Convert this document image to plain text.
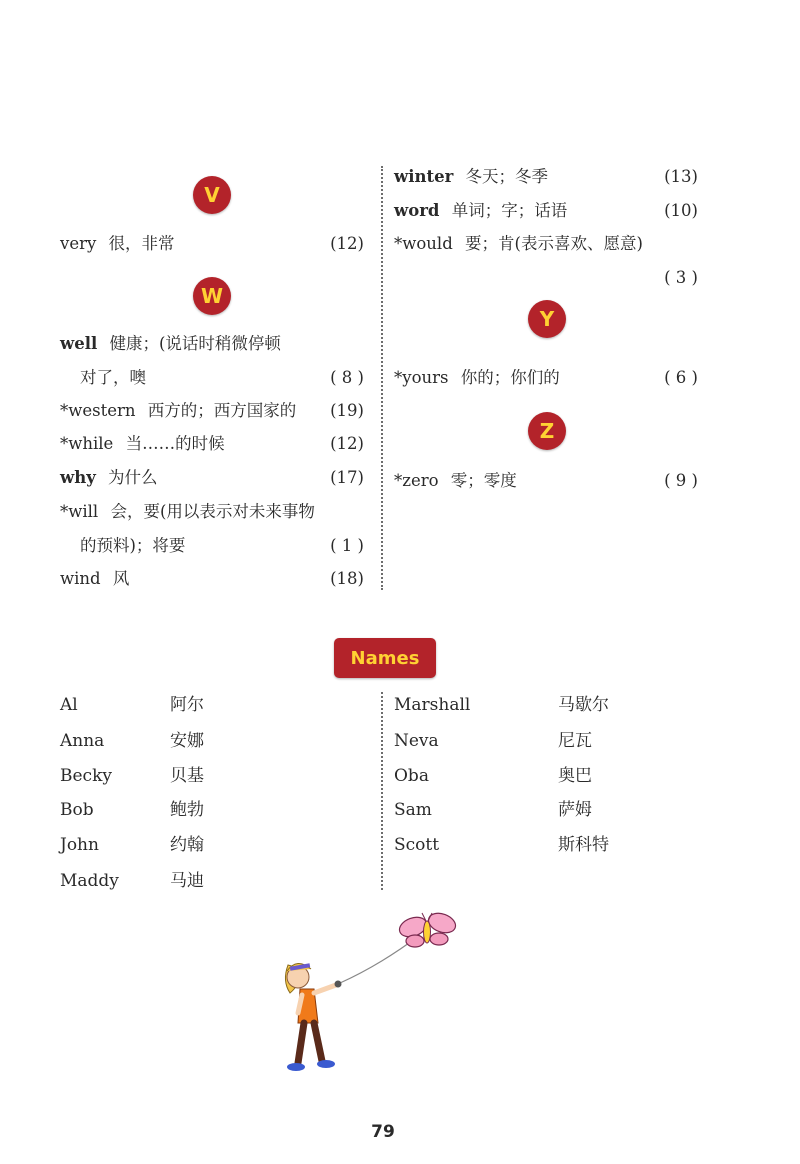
V
very 很，非常	(12)
W
well 健康；(说话时稍微停顿
对了，噢	( 8 )
*western 西方的；西方国家的 (19)
*while 当……的时候	(12)
why 为什么	(17)
*will 会，要(用以表示对未来事物
的预料)；将要	( 1 )
wind 风	(18)
winter 冬天；冬季	(13)
word 单词；字；话语	(10)
*would 要；肯(表示喜欢、愿意)
( 3 )
Y
*yours 你的；你们的	( 6 )
Z
*zero 零；零度	( 9 )
Names
Al	阿尔
Anna	安娜
Becky	贝基
Bob	鲍勃
John	约翰
Maddy	马迪
Marshall	马歇尔
Neva	尼瓦
Oba	奥巴
Sam	萨姆
Scott	斯科特
79
